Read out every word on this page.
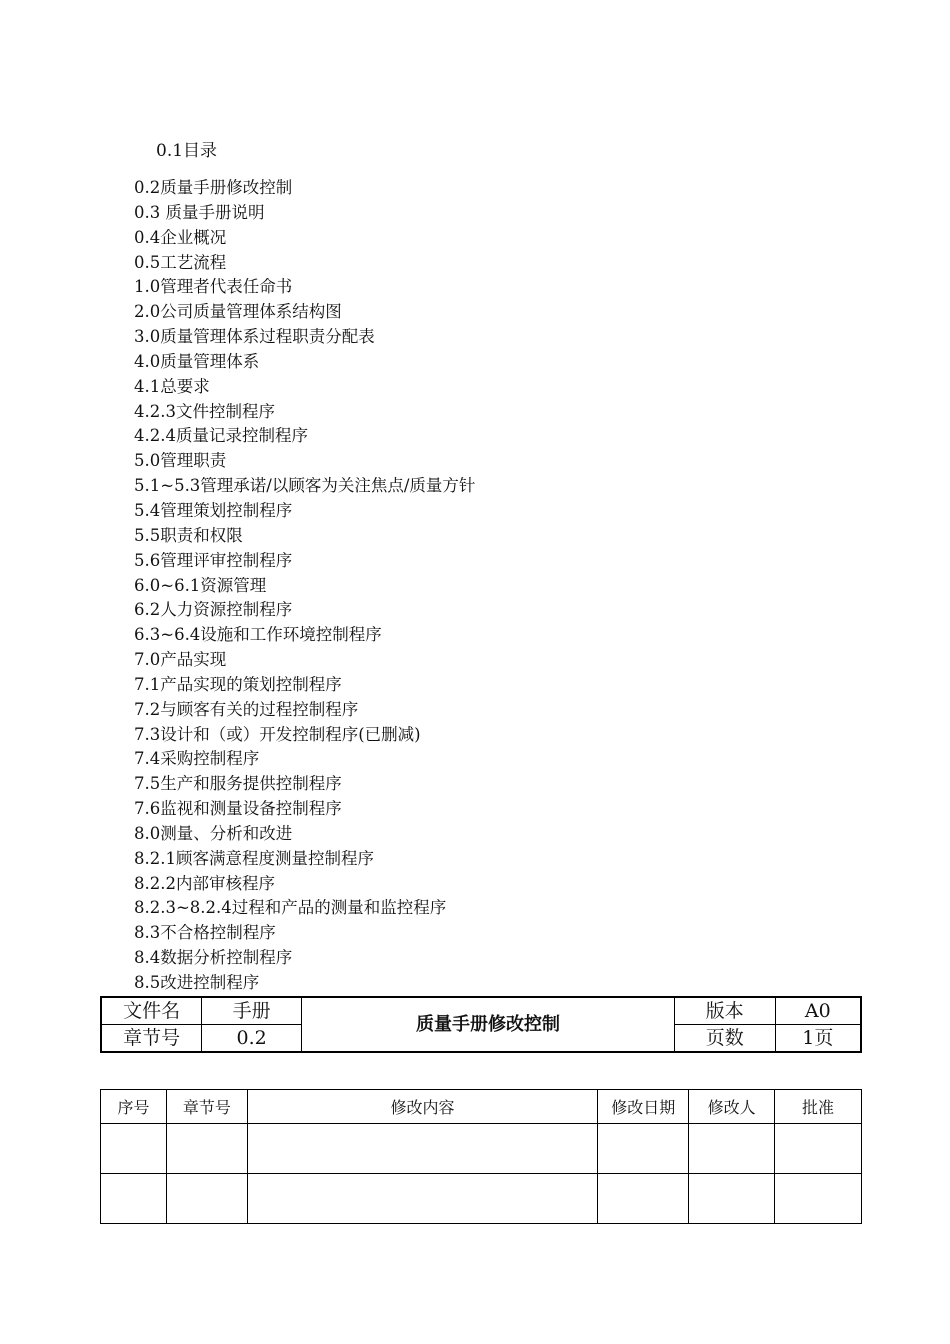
0.1目录
0.2质量手册修改控制
0.3 质量手册说明
0.4企业概况
0.5工艺流程
1.0管理者代表任命书
2.0公司质量管理体系结构图
3.0质量管理体系过程职责分配表
4.0质量管理体系
4.1总要求
4.2.3文件控制程序
4.2.4质量记录控制程序
5.0管理职责
5.1~5.3管理承诺/以顾客为关注焦点/质量方针
5.4管理策划控制程序
5.5职责和权限
5.6管理评审控制程序
6.0~6.1资源管理
6.2人力资源控制程序
6.3~6.4设施和工作环境控制程序
7.0产品实现
7.1产品实现的策划控制程序
7.2与顾客有关的过程控制程序
7.3设计和（或）开发控制程序(已删减)
7.4采购控制程序
7.5生产和服务提供控制程序
7.6监视和测量设备控制程序
8.0测量、分析和改进
8.2.1顾客满意程度测量控制程序
8.2.2内部审核程序
8.2.3~8.2.4过程和产品的测量和监控程序
8.3不合格控制程序
8.4数据分析控制程序
8.5改进控制程序
文件名	手册	质量手册修改控制	版本	A0
章节号	0.2		页数	1页
序号	章节号	修改内容	修改日期	修改人	批准
